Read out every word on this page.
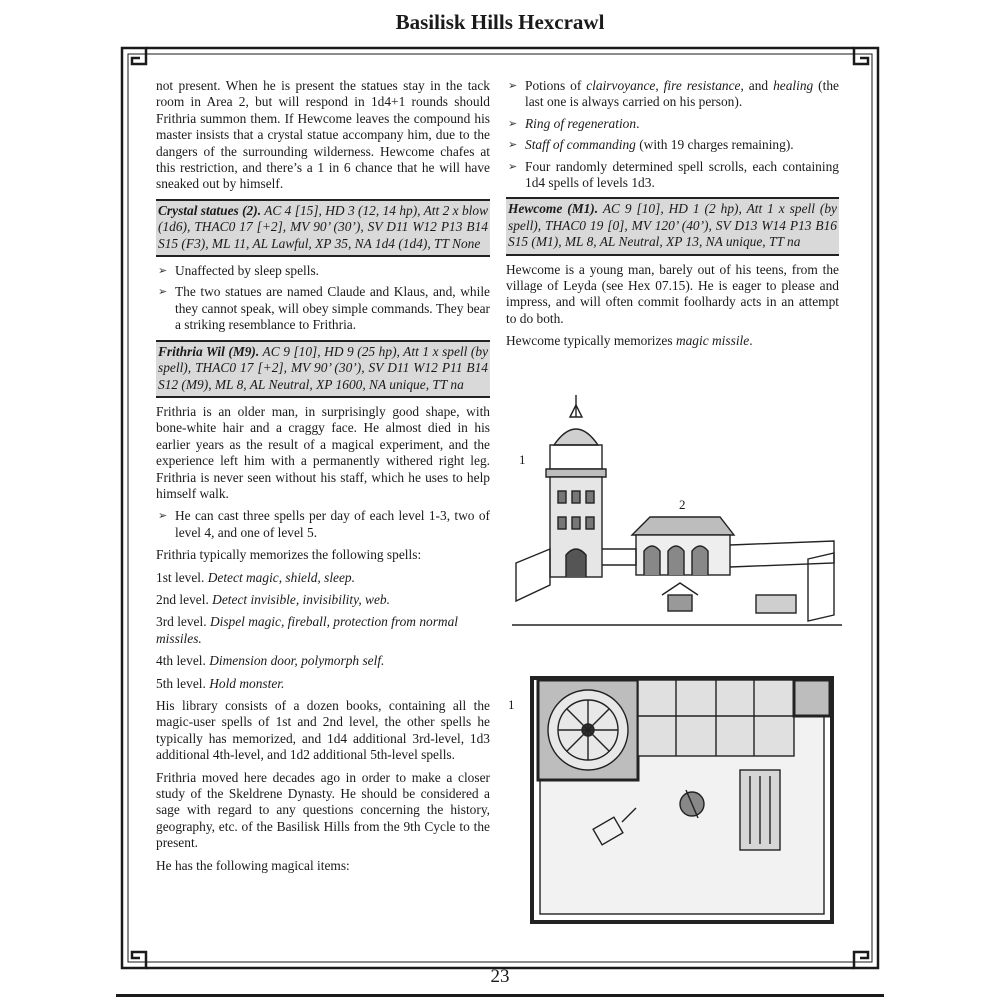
Basilisk Hills Hexcrawl

not present. When he is present the statues stay in the tack room in Area 2, but will respond in 1d4+1 rounds should Frithria summon them. If Hewcome leaves the compound his master insists that a crystal statue accompany him, due to the dangers of the surrounding wilderness. Hewcome chafes at this restriction, and there’s a 1 in 6 chance that he will have sneaked out by himself.

Crystal statues (2). AC 4 [15], HD 3 (12, 14 hp), Att 2 x blow (1d6), THAC0 17 [+2], MV 90’ (30’), SV D11 W12 P13 B14 S15 (F3), ML 11, AL Lawful, XP 35, NA 1d4 (1d4), TT None
➢ Unaffected by sleep spells.
➢ The two statues are named Claude and Klaus, and, while they cannot speak, will obey simple commands. They bear a striking resemblance to Frithria.
Frithria Wil (M9). AC 9 [10], HD 9 (25 hp), Att 1 x spell (by spell), THAC0 17 [+2], MV 90’ (30’), SV D11 W12 P11 B14 S12 (M9), ML 8, AL Neutral, XP 1600, NA unique, TT na

Frithria is an older man, in surprisingly good shape, with bone-white hair and a craggy face. He almost died in his earlier years as the result of a magical experiment, and the experience left him with a permanently withered right leg. Frithria is never seen without his staff, which he uses to help himself walk.

➢ He can cast three spells per day of each level 1-3, two of level 4, and one of level 5.

Frithria typically memorizes the following spells:

1st level. Detect magic, shield, sleep.

2nd level. Detect invisible, invisibility, web.

3rd level. Dispel magic, fireball, protection from normal missiles.

4th level. Dimension door, polymorph self.

5th level. Hold monster.

His library consists of a dozen books, containing all the magic-user spells of 1st and 2nd level, the other spells he typically has memorized, and 1d4 additional 3rd-level, 1d3 additional 4th-level, and 1d2 additional 5th-level spells.

Frithria moved here decades ago in order to make a closer study of the Skeldrene Dynasty. He should be considered a sage with regard to any questions concerning the history, geography, etc. of the Basilisk Hills from the 9th Cycle to the present.

He has the following magical items:

➢ Potions of clairvoyance, fire resistance, and healing (the last one is always carried on his person).
➢ Ring of regeneration.
➢ Staff of commanding (with 19 charges remaining).
➢ Four randomly determined spell scrolls, each containing 1d4 spells of levels 1d3.
Hewcome (M1). AC 9 [10], HD 1 (2 hp), Att 1 x spell (by spell), THAC0 19 [0], MV 120’ (40’), SV D13 W14 P13 B16 S15 (M1), ML 8, AL Neutral, XP 13, NA unique, TT na

Hewcome is a young man, barely out of his teens, from the village of Leyda (see Hex 07.15). He is eager to please and impress, and will often commit foolhardy acts in an attempt to do both.

Hewcome typically memorizes magic missile.

1
2
1
23
